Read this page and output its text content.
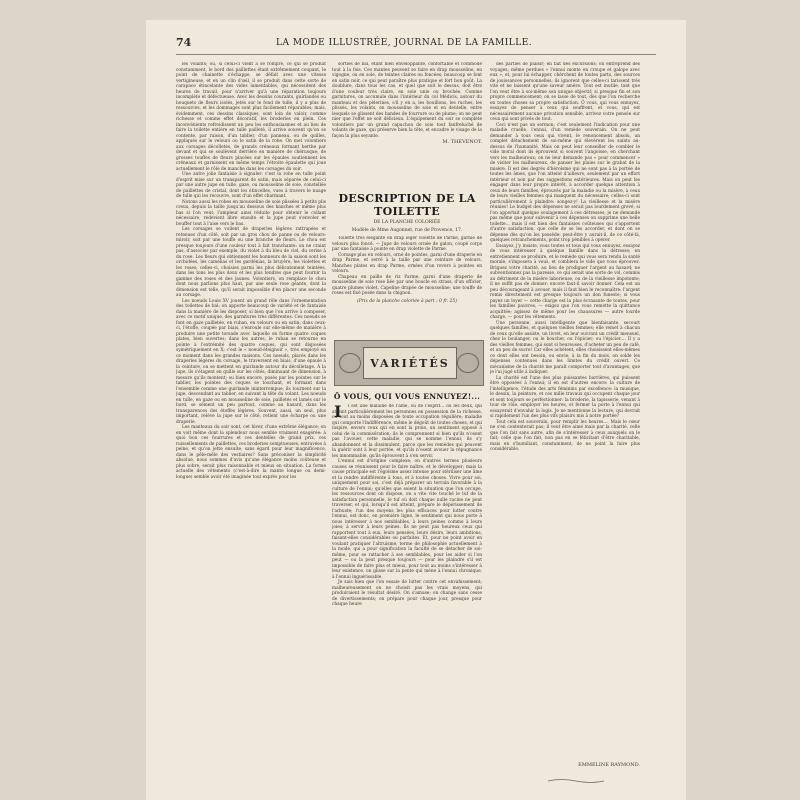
74	LA MODE ILLUSTRÉE, JOURNAL DE LA FAMILLE.

les volants; ou, si celui-ci vient à se rompre, ce qui se produit constamment, le bord des paillettes étant extrêmement coupant, le point de chainette s'échappe, se défait avec une vitesse vertigineuse, et en un clin d'œil, il se produit dans cette sorte de carapace étincelante des vides lamentables, qui nécessitent des heures de travail, pour n'arriver qu'à une réparation toujours incomplète et défectueuse. Avec les dessins courants, guirlandes ou bouquets de fleurs isolés, jetés sur le fond de tulle, il y a plus de ressources, et les dommages sont plus facilement réparables; mais, évidemment, ces dessins classiques, sont loin de valoir, comme richesse et comme effet décoratif, les broderies en plein. Ces inconvénients refroidissent un peu les enthousiasmes et au lieu de faire la toilette entière en tulle pailleté, il arrive souvent qu'on se contente, par raison, d'un tablier, d'un panneau, ou de quilles, appliqués sur le velours ou le satin de la robe. On met volontiers aux corsages décolletés, de grands créneaux formant berthe par devant et qui se soulèvent derrière en manière de chérusque; de grosses touffes de fleurs placées sur les épaules soutiennent les créneaux et garnissent en même temps l'étroite épaulette qui joue actuellement le rôle de manche dans les corsages du soir.

Une autre jolie fantaisie à signaler: c'est la robe en tulle point d'esprit mise sur un transparent de satin, mais séparée de celui-ci par une autre jupe en tulle, gaze, ou mousseline de soie, constellée de paillettes de cristal, dont les étincelles, vues à travers le nuage de tulle qui les recouvre, sont d'un effet charmant.

Notons aussi les robes en mousseline de soie plissées à petits plis creux, depuis la taille jusqu'au dessous des hanches et même plus bas si l'on veut; l'ampleur ainsi réduite pour obtenir le collant nécessaire, redevient libre ensuite et la jupe peut s'envoler et bouffer tout à l'aise vers le bas.

Les corsages se voilent de draperies légères rattrapées et retenues d'un côté, soit par un gros chou de panne ou de velours-miroir, soit par une touffe ou une branche de fleurs. Le chou est presque toujours d'une couleur tout à fait tranchante: on ne craint pas, d'associer par exemple, du violet à du bleu de ciel, du cerise à du rose. Les fleurs qui obtiennent les honneurs de la saison sont les orchidées, les camélias et les gardénias, la bruyère, les violettes et les roses; celles-ci, choisies parmi les plus délicatement teintées, dans les tons les plus doux et les plus tendres que peut fournir la gamme des roses et des jaunes. Volontiers, on remplace le chou dont nous parlions plus haut, par une seule rose géante, dont la dimension est telle, qu'il serait impossible d'en placer une seconde au corsage.

Les noeuds Louis XV jouent un grand rôle dans l'ornementation des toilettes de bal; on apporte beaucoup de variété et de fantaisie dans la manière de les disposer, si bien que l'on arrive à composer, avec ce motif unique, des garnitures très différentes. Ces noeuds se font en gaze pailletée, en ruban, en velours ou en satin; dans ceux-ci, l'étoffe, coupée par biais, s'enroule sur elle-même de manière à produire une petite torsade avec laquelle on forme quatre coques plates, bien ouvertes; dans les autres, le ruban se retourne en pointe à l'extrémité des quatre coques, qui sont disposées symétriquement en X; c'est le « noeud-éteignoir », très employé en ce moment dans les grandes maisons. Ces noeuds, placés dans les draperies légères du corsage, le traversent en biais, d'une épaule à la ceinture, ou se mettent en guirlande autour du décolletage. À la jupe, ils s'étagent en quille sur les côtés, diminuant de dimension, à mesure qu'ils montent; ou bien encore, posés par les pointes sur le tablier, les pointes des coques se touchant, et formant dans l'ensemble comme une guirlande ininterrompue, ils tournent sur la jupe, descendant au tablier, en suivant la tête du volant. Les noeuds en tulle, en gaze ou en mousseline de soie, pailletés et lamés sur le bord, se sèment un peu partout, comme au hasard, dans les transparences des étoffes légères. Souvent, aussi, un seul, plus important, relève la jupe sur le côté, retient une écharpe ou une draperie.

Les manteaux du soir sont, cet hiver, d'une extrême élégance; on en voit même dont la splendeur nous semble vraiment exagérée: à quoi bon ces fourrures et ces dentelles de grand prix, ces ruissellements de paillettes, ces broderies somptueuses, entravées à peine, et qu'on jette ensuite, sans égard pour leur magnificence, dans le pêle-mêle des vestiaires? Sans préconiser la simplicité absolue, nous sommes d'avis qu'une élégance moins coûteuse et plus sobre, serait plus raisonnable et mieux en situation. La forme actuelle des vêtements (c'est-à-dire la mante longue ou demi-longue) semble avoir été imaginée tout exprès pour les

sorties de bal, étant bien enveloppante, confortable et commode tout à la fois. Ces mantes peuvent se faire en drap mousseline, en vigogne, ou en soie, de teintes claires ou foncées; beaucoup se font en satin noir, ce qui peut paraître plus pratique et fort bon goût. La doublure, dans tous les cas, et quel que soit le dessus, doit être d'une couleur très claire, en soie unie ou brochée. Comme garnitures, on accumule dans l'intérieur du col Médicis, autour du manteau et des pèlerines, s'il y en a, les bouillons, les ruches, les plissés, les volants, en mousseline de soie et en dentelle, entre lesquels se glissent des bandes de fourrure ou de plume; on ne peut nier que l'effet ne soit délicieux. L'équipement du soir se complète volontiers par un grand capuchon de soie tout fanfreluché de volants de gaze, qui préserve bien la tête, et encadre le visage de la façon la plus seyante.

M. THEVENOT.
DESCRIPTION DE LA TOILETTE
DE LA PLANCHE COLORIÉE
Modèle de Mme Augonnet, rue de Provence, 17.

Toilette très élégante en drap léger violette de Parme, garnie de velours plus foncé. — Jupe de velours ornée de galon, coupé corps par une fantaisie à pointe en drap violette de Parme.

Corsage plus en velours, orné de pointes, garni d'une draperie en drap Parme, et serré à la taille par une ceinture de velours. Manches plates en drap Parme, ornées d'un revers à pointes en velours.

Chapeau en paille de riz Parme, garni d'une draperie de mousseline de soie rose liée par une boucle en strass, d'un officier, quatre plumes violet. Capeline drapée de mousseline; une touffe de roses est fixé posée dans la chignon.

(Prix de la planche coloriée à part : 0 fr. 25)
VARIÉTÉS
Ô VOUS, QUI VOUS ENNUYEZ!...
I	l est une maladie de l'âme, ou de l'esprit... ou les deux, qui atteint particulièrement les personnes en possession de la richesse, ou tout au moins disposées de toute occupation régulière; maladie qui comporte l'indifférence, même le dégoût de toutes choses, et qui inspire, envers ceux qui en sont la proie, un sentiment opposé à celui de la commisération; ils le comprennent si bien qu'ils n'osent pas l'avouer, cette maladie, qui se nomme l'ennui; ils s'y abandonnent et la dissimulent, parce que les remèdes qui peuvent la guérir sont à leur portée, et qu'ils n'osent avouer la répugnance les innommable, qu'ils éprouvent à s'en servir.

L'ennui est d'origine complexe; on d'autres termes plusieurs causes se réunissent pour le faire naître, et le développer; mais la cause principale est l'égoïsme assez intense pour stériliser une âme et la rendre indifférente à tous, et à toutes choses. Vivre pour soi, uniquement pour soi, c'est déjà préparer un terrain favorable à la culture de l'ennui; qu'elles que soient la situation que l'on occupe, les ressources dont on dispose, on a vite vite touché le tuf de la satisfaction personnelle, le tuf où doit chaque nulle racine ne peut traverser, et qui, lorsqu'il est atteint, prépare le dépérissement de l'arbuste; l'un des moyens les plus efficaces pour lutter contre l'ennui, est donc, en première ligne, le sentiment qui nous porte à nous intéresser à nos semblables, à leurs peines comme à leurs joies; à servir à leurs peines. Ils ne peut pas heureux ceux qui rapportent tout à eux, leurs pensées, leurs désirs, leurs ambitions, faisant-elles considérables ou parfaites. Et, pour ne point avoir en voulant pratiquer l'altruisme, terme de philosophie actuellement à la mode, qui a pour signification la faculté de se détacher de soi-même, pour se rattacher à ses semblables, pour les aider si l'on peut — ou la peut presque toujours — pour les plaindre s'il est impossible de faire plus et mieux, pour tout au moins s'intéresser à leur existence, on glisse sur la pente qui mène à l'ennui chronique, à l'ennui inguérissable.

Je sais bien que l'on essaie de lutter contre cet envahissement; malheureusement on ne choisit pas les vrais moyens, qui produiraient le résultat désiré. On s'amuse; on change sans cesse de divertissements; on prépare pour chaque jour, presque pour chaque heure

des parties de plaisir; en fait des excursions; on entreprend des voyages; même perdues « l'ennui monte en croupe et galope avec eux », et, pour lui échapper, chérchent de toutes parts, des sources de jouissances personnelles; ils ignorent que celles-ci tarissent très vite et ne laissent qu'une saveur amère. Tout est inutile, tant que l'on veut être à soi-même son unique objectif; si presque fin et son propre commencement; on se lasse de tout, dès que l'on recherche en toutes choses sa propre satisfaction. Ô vous, qui vous ennuyez, essayez de penser à ceux qui souffrent, et vous, qui est nécessairement aucune privation sensible, arrivez votre pensée sur ceux qui sont privés de tout.

Ceci n'est pas un sermon; c'est seulement l'indication pour une maladie cruelle, l'ennui, d'un remède souverain. On ne peut demander à tous ceux qui vivent, le renoncement absolu, un complet détachement de soi-même qui élevèrent les saints au-dessus de l'humanité. Mais on peut leur conseiller de combler le vide moral dont ils éprouvent si souvent l'angoisse, en cherchant vers les malheureux; on ne leur demande pas « pour commencer » de visiter les malheureux, de panser les plaies sur le grabat de la misère. Il est des degrés d'héroïsme qui ne sont pas à la portée de toutes les âmes, que l'on atteint d'ailleurs, seulement par un effort intérieur et non par des suggestions extérieures. Mais on peut les engager dans leur propre intérêt, à accorder quelque attention à ceux de leurs familles, éprouvés par la maladie ou la misère, à ceux de leurs vieilles femmes qui manquent du nécessaire; celles-ci sont particulièrement à plaindre: songez-y! La vieillesse et la misère réunies! Le budget des dépenses ne serait pas lourdement grevé, si l'on apportait quelque soulagement à ces détresses; je ne demande pas même que pour subvenir à ces dépenses on supprime une belle toilette... mais il est bien des fantaisies coûteuses qui s'apportent d'autre satisfaction, que celle de se les accorder, et dont on se dépense dès qu'on les possède: peut-être y aurait-il, de ce côté-là, quelques retranchements, point trop pénibles à opérer.

Essayez, j'y insiste, vous toutes et tous qui vous ennuyez, essayez de vous intéresser à quelque famille dans la détresse; en entretiennent se produire, et le remède qui vous sera rendu la santé morale, s'imposera à vous, et comblera le vide que vous éprouvez. Briguez votre charité, au lieu de prodiguer l'argent au hasard; ne subventionnez pas la paresse, ce qui serait une sorte de vol, commis au détriment de la misère laborieuse, ou de la vieillesse impotente; il ne suffit pas de donner: encore faut-il savoir donner. Cela est un peu décourageant à avouer, mais il faut bien le reconnaître: l'argent remis directement est presque toujours un don funeste; si vous payez un loyer — cette charge est la plus écrasante de toutes, pour les familles pauvres, — exigez que l'on vous remette la quittance acquittée; agissez de même pour les chaussures — autre lourde charge, — pour les vêtements.

Une personne, aussi intelligente que bienfaisante, secourt quelques familles, et quelques vieilles femmes; elle remet à chacun de ceux qu'elle assiste, un livret, en leur ouvrant un crédit mensuel, chez le boulanger, ou le boucher, ou l'épicier; ou l'épicier.... Il y a des vieilles femmes, qui sont si heureuses, d'acheter un peu de café, et un peu de sucre! Car elles achètent, elles choisissent elles-mêmes ce dont elles ont besoin, ou envie; à la fin du mois, on solde les dépenses contenues dans les limites du crédit ouvert. Ce mécanisme de la charité me paraît comporter tout d'avantages, que je l'ai jugé utile à indiquer.

La charité est l'une des plus puissantes barrières, qui puissent être opposées à l'ennui; il en est d'autres encore: la culture de l'intelligence, l'étude des arts féminins par excellence: la musique, le dessin, la peinture, et ces mille travaux qui occupent chaque jour et sont toujours se perfectionner: la broderie, la tapisserie, venant à tour de rôle, employer les heures, et fermer la porte à l'ennui qui essayerait d'envahir la logis. Je ne mentionne la lecture, qui devrait si rapidement l'un des plus vifs plaisirs mis à notre portée?

Tout cela est souverain, pour remplir les heures.... Mais le cœur ne s'en contenterait pas; il veut être aimé mais par la charité, celle que l'on fait sans autre, afin de s'intéresser à ceux auxquels on le fait; celle que l'on fait, non pas en se félicitant d'être charitable, mais en s'humiliant, constamment, de ne point la faire plus considérable.

EMMELINE RAYMOND.
